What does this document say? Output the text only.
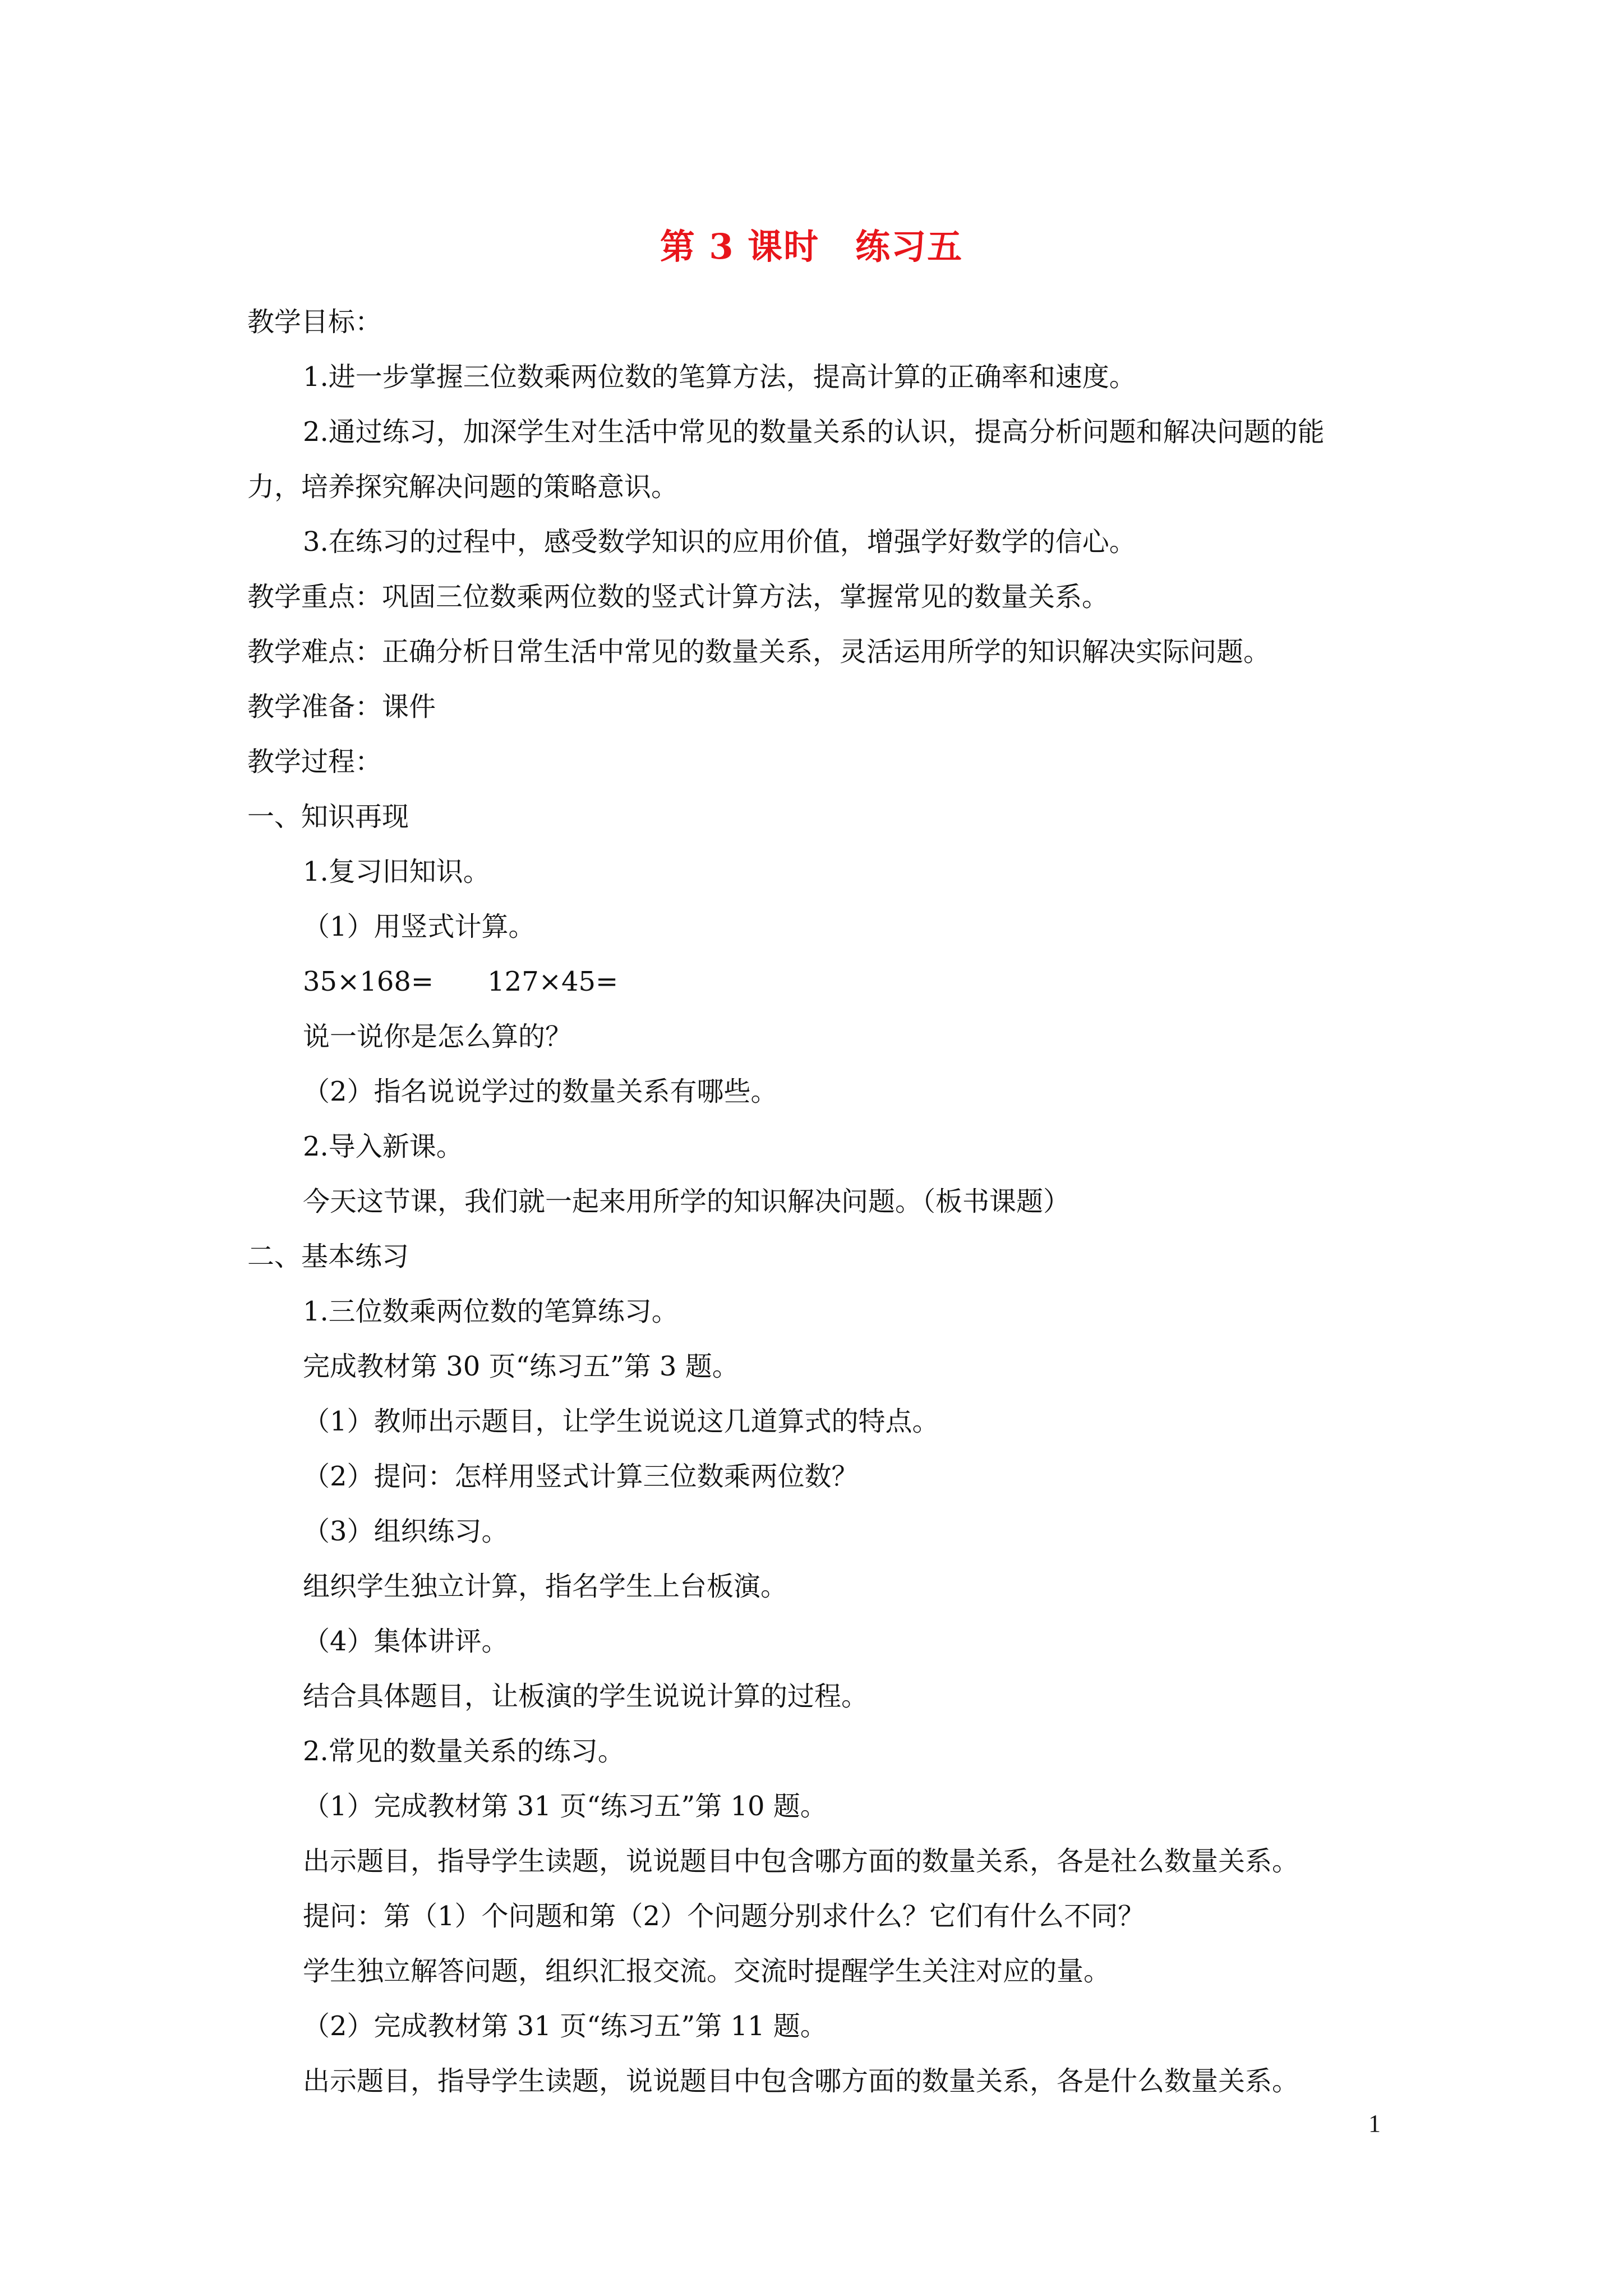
第 3 课时　练习五
教学目标：
1.进一步掌握三位数乘两位数的笔算方法，提高计算的正确率和速度。
2.通过练习，加深学生对生活中常见的数量关系的认识，提高分析问题和解决问题的能
力，培养探究解决问题的策略意识。
3.在练习的过程中，感受数学知识的应用价值，增强学好数学的信心。
教学重点：巩固三位数乘两位数的竖式计算方法，掌握常见的数量关系。
教学难点：正确分析日常生活中常见的数量关系，灵活运用所学的知识解决实际问题。
教学准备：课件
教学过程：
一、知识再现
1.复习旧知识。
（1）用竖式计算。
35×168=　　127×45=
说一说你是怎么算的？
（2）指名说说学过的数量关系有哪些。
2.导入新课。
今天这节课，我们就一起来用所学的知识解决问题。（板书课题）
二、基本练习
1.三位数乘两位数的笔算练习。
完成教材第 30 页“练习五”第 3 题。
（1）教师出示题目，让学生说说这几道算式的特点。
（2）提问：怎样用竖式计算三位数乘两位数？
（3）组织练习。
组织学生独立计算，指名学生上台板演。
（4）集体讲评。
结合具体题目，让板演的学生说说计算的过程。
2.常见的数量关系的练习。
（1）完成教材第 31 页“练习五”第 10 题。
出示题目，指导学生读题，说说题目中包含哪方面的数量关系，各是社么数量关系。
提问：第（1）个问题和第（2）个问题分别求什么？它们有什么不同？
学生独立解答问题，组织汇报交流。交流时提醒学生关注对应的量。
（2）完成教材第 31 页“练习五”第 11 题。
出示题目，指导学生读题，说说题目中包含哪方面的数量关系，各是什么数量关系。
1
